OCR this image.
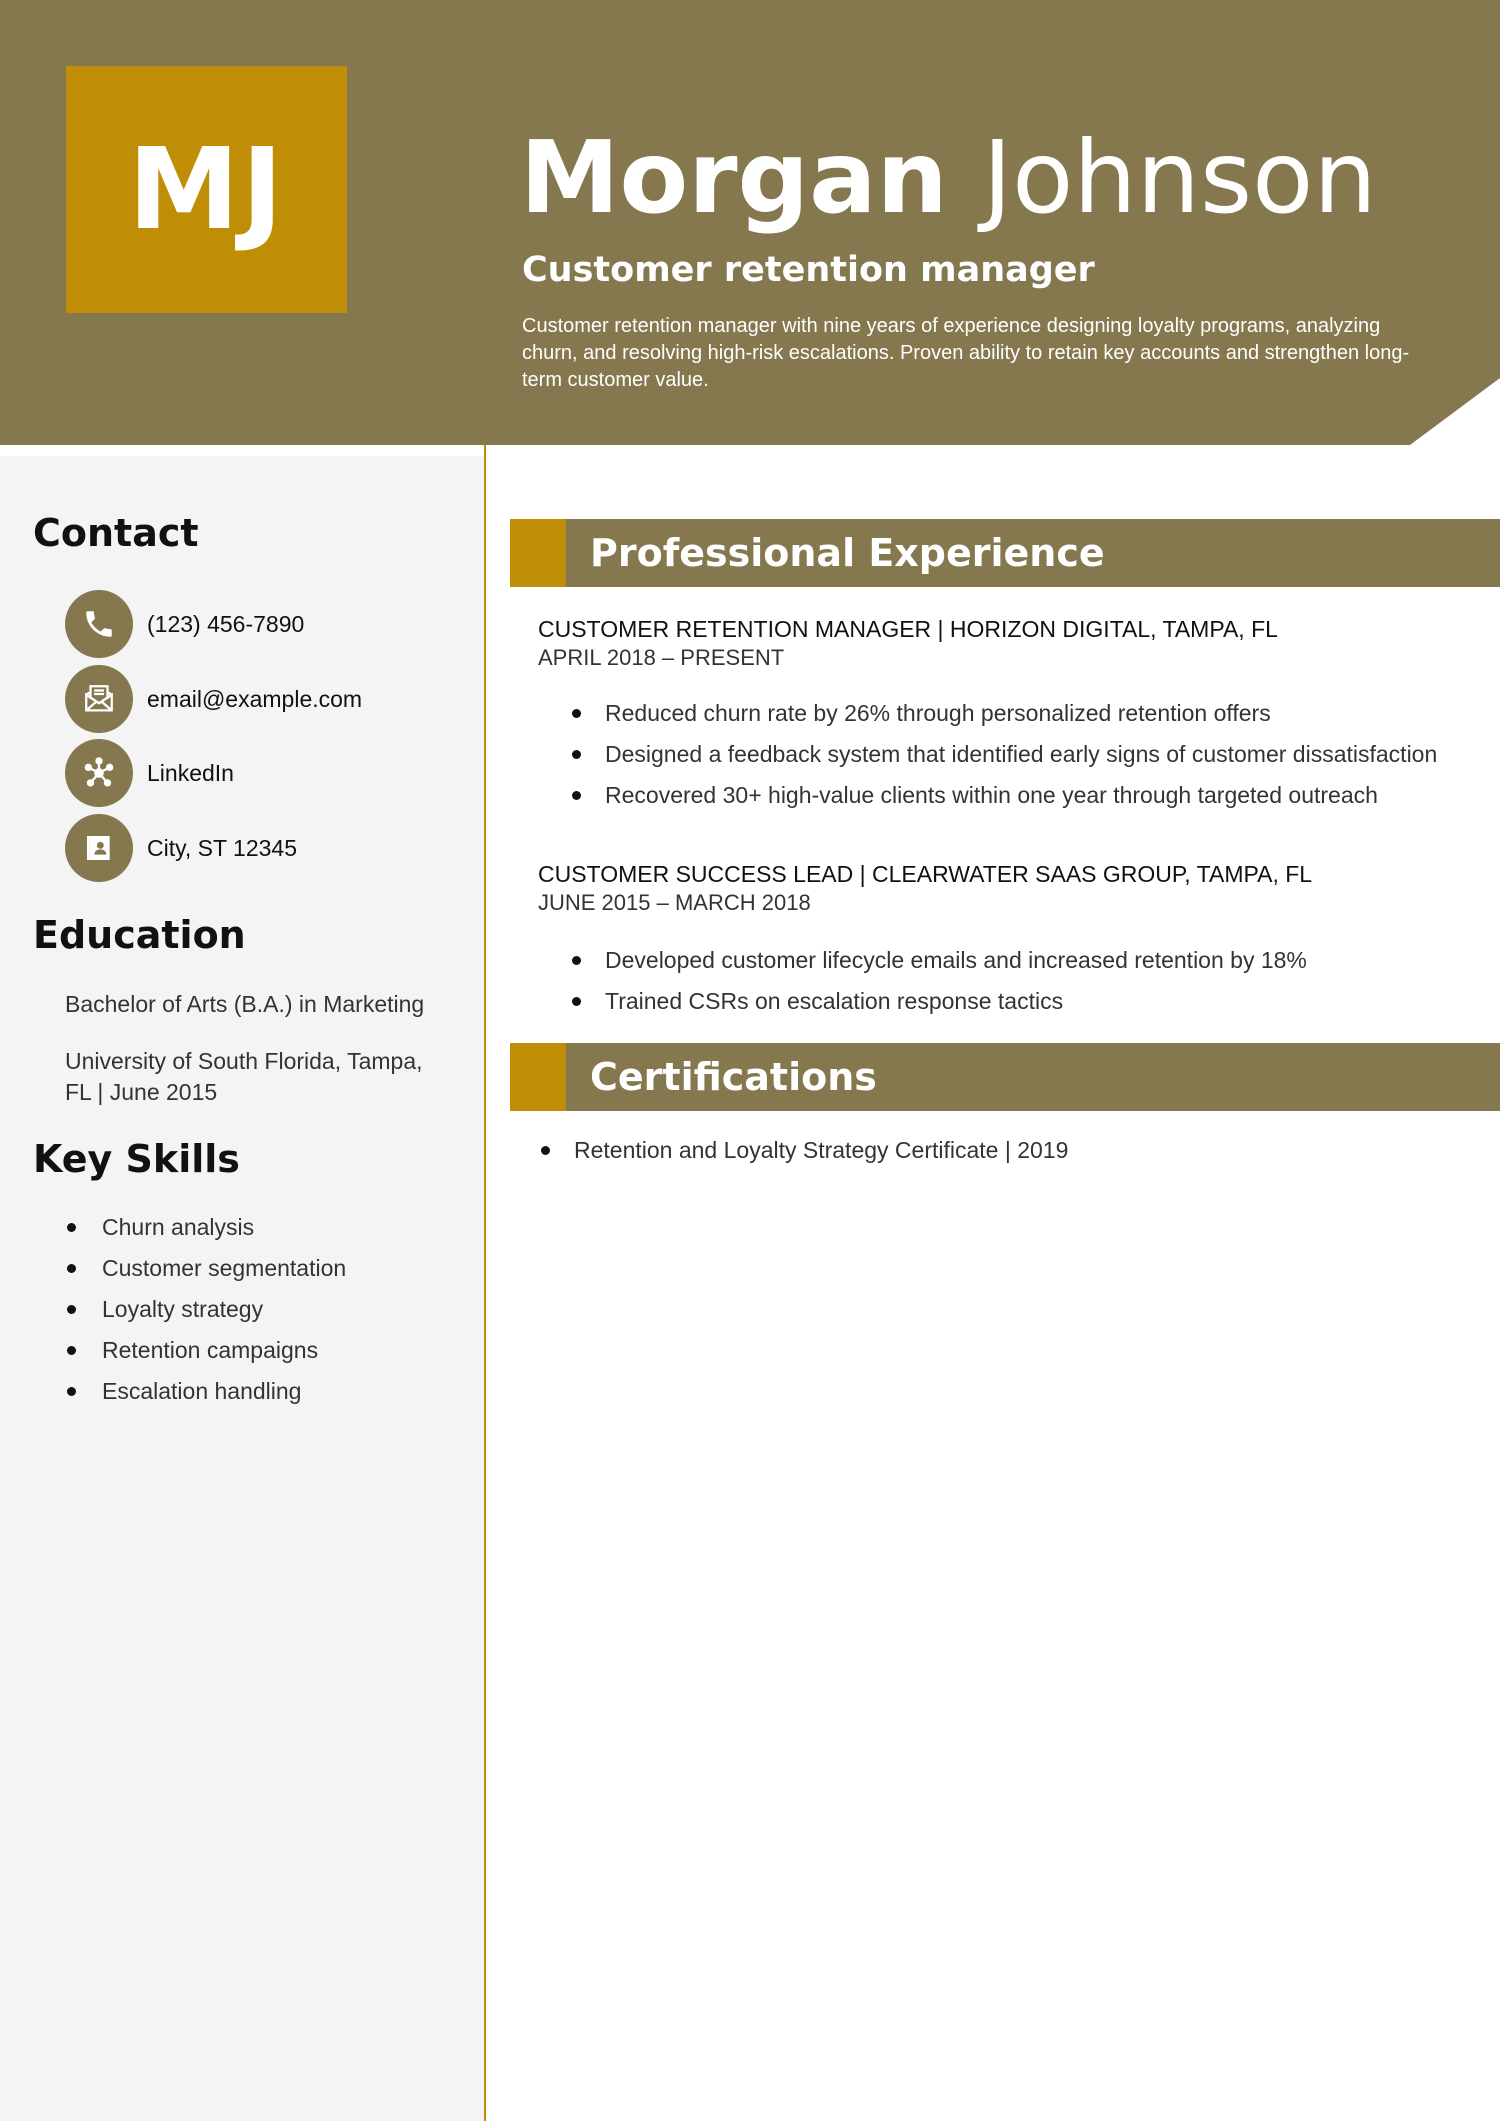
MJ	Morgan Johnson
Customer retention manager

Customer retention manager with nine years of experience designing loyalty programs, analyzing churn, and resolving high-risk escalations. Proven ability to retain key accounts and strengthen long-term customer value.

Contact
(123) 456-7890
email@example.com
LinkedIn
City, ST 12345
Education

Bachelor of Arts (B.A.) in Marketing

University of South Florida, Tampa, FL | June 2015

Key Skills
Churn analysis
Customer segmentation
Loyalty strategy
Retention campaigns
Escalation handling
Professional Experience

CUSTOMER RETENTION MANAGER | HORIZON DIGITAL, TAMPA, FL

APRIL 2018 – PRESENT

Reduced churn rate by 26% through personalized retention offers
Designed a feedback system that identified early signs of customer dissatisfaction
Recovered 30+ high-value clients within one year through targeted outreach

CUSTOMER SUCCESS LEAD | CLEARWATER SAAS GROUP, TAMPA, FL

JUNE 2015 – MARCH 2018

Developed customer lifecycle emails and increased retention by 18%
Trained CSRs on escalation response tactics
Certifications
Retention and Loyalty Strategy Certificate | 2019
